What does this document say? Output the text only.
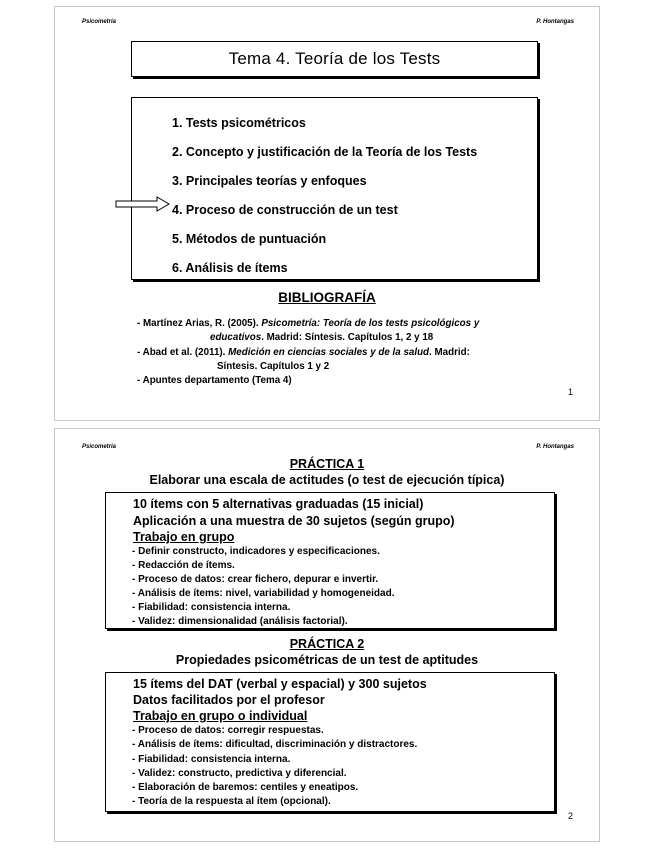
Psicometría	P. Hontangas
Tema 4. Teoría de los Tests
1. Tests psicométricos
2. Concepto y justificación de la Teoría de los Tests
3. Principales teorías y enfoques
4. Proceso de construcción de un test
5. Métodos de puntuación
6. Análisis de ítems
BIBLIOGRAFÍA
- Martínez Arias, R. (2005). Psicometría: Teoría de los tests psicológicos y
educativos. Madrid: Síntesis. Capítulos 1, 2 y 18
- Abad et al. (2011). Medición en ciencias sociales y de la salud. Madrid:
Síntesis. Capítulos 1 y 2
- Apuntes departamento (Tema 4)
1
Psicometría	P. Hontangas
PRÁCTICA 1
Elaborar una escala de actitudes (o test de ejecución típica)
10 ítems con 5 alternativas graduadas (15 inicial)
Aplicación a una muestra de 30 sujetos (según grupo)
Trabajo en grupo
- Definir constructo, indicadores y especificaciones.
- Redacción de ítems.
- Proceso de datos: crear fichero, depurar e invertir.
- Análisis de ítems: nivel, variabilidad y homogeneidad.
- Fiabilidad: consistencia interna.
- Validez: dimensionalidad (análisis factorial).
PRÁCTICA 2
Propiedades psicométricas de un test de aptitudes
15 ítems del DAT (verbal y espacial) y 300 sujetos
Datos facilitados por el profesor
Trabajo en grupo o individual
- Proceso de datos: corregir respuestas.
- Análisis de ítems: dificultad, discriminación y distractores.
- Fiabilidad: consistencia interna.
- Validez: constructo, predictiva y diferencial.
- Elaboración de baremos: centiles y eneatipos.
- Teoría de la respuesta al ítem (opcional).
2
